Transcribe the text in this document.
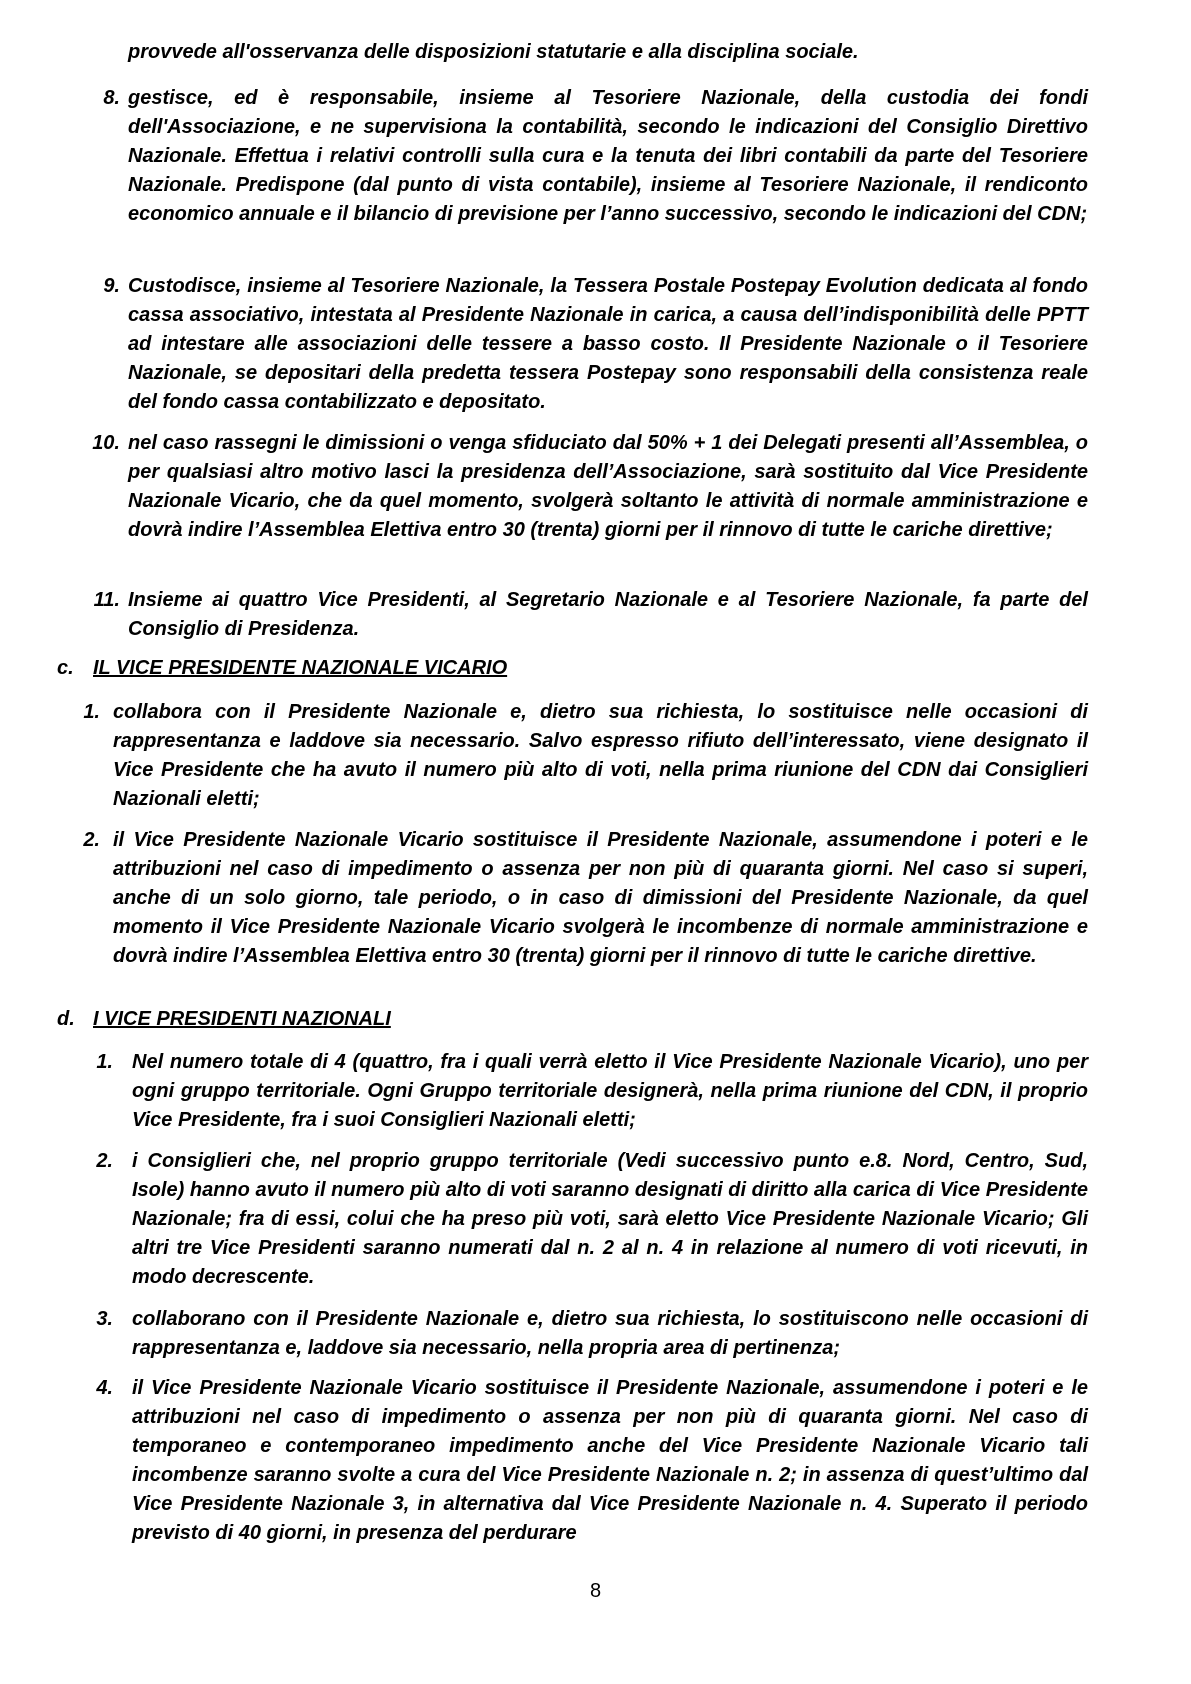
provvede all'osservanza delle disposizioni statutarie e alla disciplina sociale.
8. gestisce, ed è responsabile, insieme al Tesoriere Nazionale, della custodia dei fondi dell'Associazione, e ne supervisiona la contabilità, secondo le indicazioni del Consiglio Direttivo Nazionale. Effettua i relativi controlli sulla cura e la tenuta dei libri contabili da parte del Tesoriere Nazionale. Predispone (dal punto di vista contabile), insieme al Tesoriere Nazionale, il rendiconto economico annuale e il bilancio di previsione per l’anno successivo, secondo le indicazioni del CDN;
9. Custodisce, insieme al Tesoriere Nazionale, la Tessera Postale Postepay Evolution dedicata al fondo cassa associativo, intestata al Presidente Nazionale in carica, a causa dell’indisponibilità delle PPTT ad intestare alle associazioni delle tessere a basso costo. Il Presidente Nazionale o il Tesoriere Nazionale, se depositari della predetta tessera Postepay sono responsabili della consistenza reale del fondo cassa contabilizzato e depositato.
10. nel caso rassegni le dimissioni o venga sfiduciato dal 50% + 1 dei Delegati presenti all’Assemblea, o per qualsiasi altro motivo lasci la presidenza dell’Associazione, sarà sostituito dal Vice Presidente Nazionale Vicario, che da quel momento, svolgerà soltanto le attività di normale amministrazione e dovrà indire l’Assemblea Elettiva entro 30 (trenta) giorni per il rinnovo di tutte le cariche direttive;
11. Insieme ai quattro Vice Presidenti, al Segretario Nazionale e al Tesoriere Nazionale, fa parte del Consiglio di Presidenza.
c. IL VICE PRESIDENTE NAZIONALE VICARIO
1. collabora con il Presidente Nazionale e, dietro sua richiesta, lo sostituisce nelle occasioni di rappresentanza e laddove sia necessario. Salvo espresso rifiuto dell’interessato, viene designato il Vice Presidente che ha avuto il numero più alto di voti, nella prima riunione del CDN dai Consiglieri Nazionali eletti;
2. il Vice Presidente Nazionale Vicario sostituisce il Presidente Nazionale, assumendone i poteri e le attribuzioni nel caso di impedimento o assenza per non più di quaranta giorni. Nel caso si superi, anche di un solo giorno, tale periodo, o in caso di dimissioni del Presidente Nazionale, da quel momento il Vice Presidente Nazionale Vicario svolgerà le incombenze di normale amministrazione e dovrà indire l’Assemblea Elettiva entro 30 (trenta) giorni per il rinnovo di tutte le cariche direttive.
d. I VICE PRESIDENTI NAZIONALI
1. Nel numero totale di 4 (quattro, fra i quali verrà eletto il Vice Presidente Nazionale Vicario), uno per ogni gruppo territoriale. Ogni Gruppo territoriale designerà, nella prima riunione del CDN, il proprio Vice Presidente, fra i suoi Consiglieri Nazionali eletti;
2. i Consiglieri che, nel proprio gruppo territoriale (Vedi successivo punto e.8. Nord, Centro, Sud, Isole) hanno avuto il numero più alto di voti saranno designati di diritto alla carica di Vice Presidente Nazionale; fra di essi, colui che ha preso più voti, sarà eletto Vice Presidente Nazionale Vicario; Gli altri tre Vice Presidenti saranno numerati dal n. 2 al n. 4 in relazione al numero di voti ricevuti, in modo decrescente.
3. collaborano con il Presidente Nazionale e, dietro sua richiesta, lo sostituiscono nelle occasioni di rappresentanza e, laddove sia necessario, nella propria area di pertinenza;
4. il Vice Presidente Nazionale Vicario sostituisce il Presidente Nazionale, assumendone i poteri e le attribuzioni nel caso di impedimento o assenza per non più di quaranta giorni. Nel caso di temporaneo e contemporaneo impedimento anche del Vice Presidente Nazionale Vicario tali incombenze saranno svolte a cura del Vice Presidente Nazionale n. 2; in assenza di quest’ultimo dal Vice Presidente Nazionale 3, in alternativa dal Vice Presidente Nazionale n. 4. Superato il periodo previsto di 40 giorni, in presenza del perdurare
8
